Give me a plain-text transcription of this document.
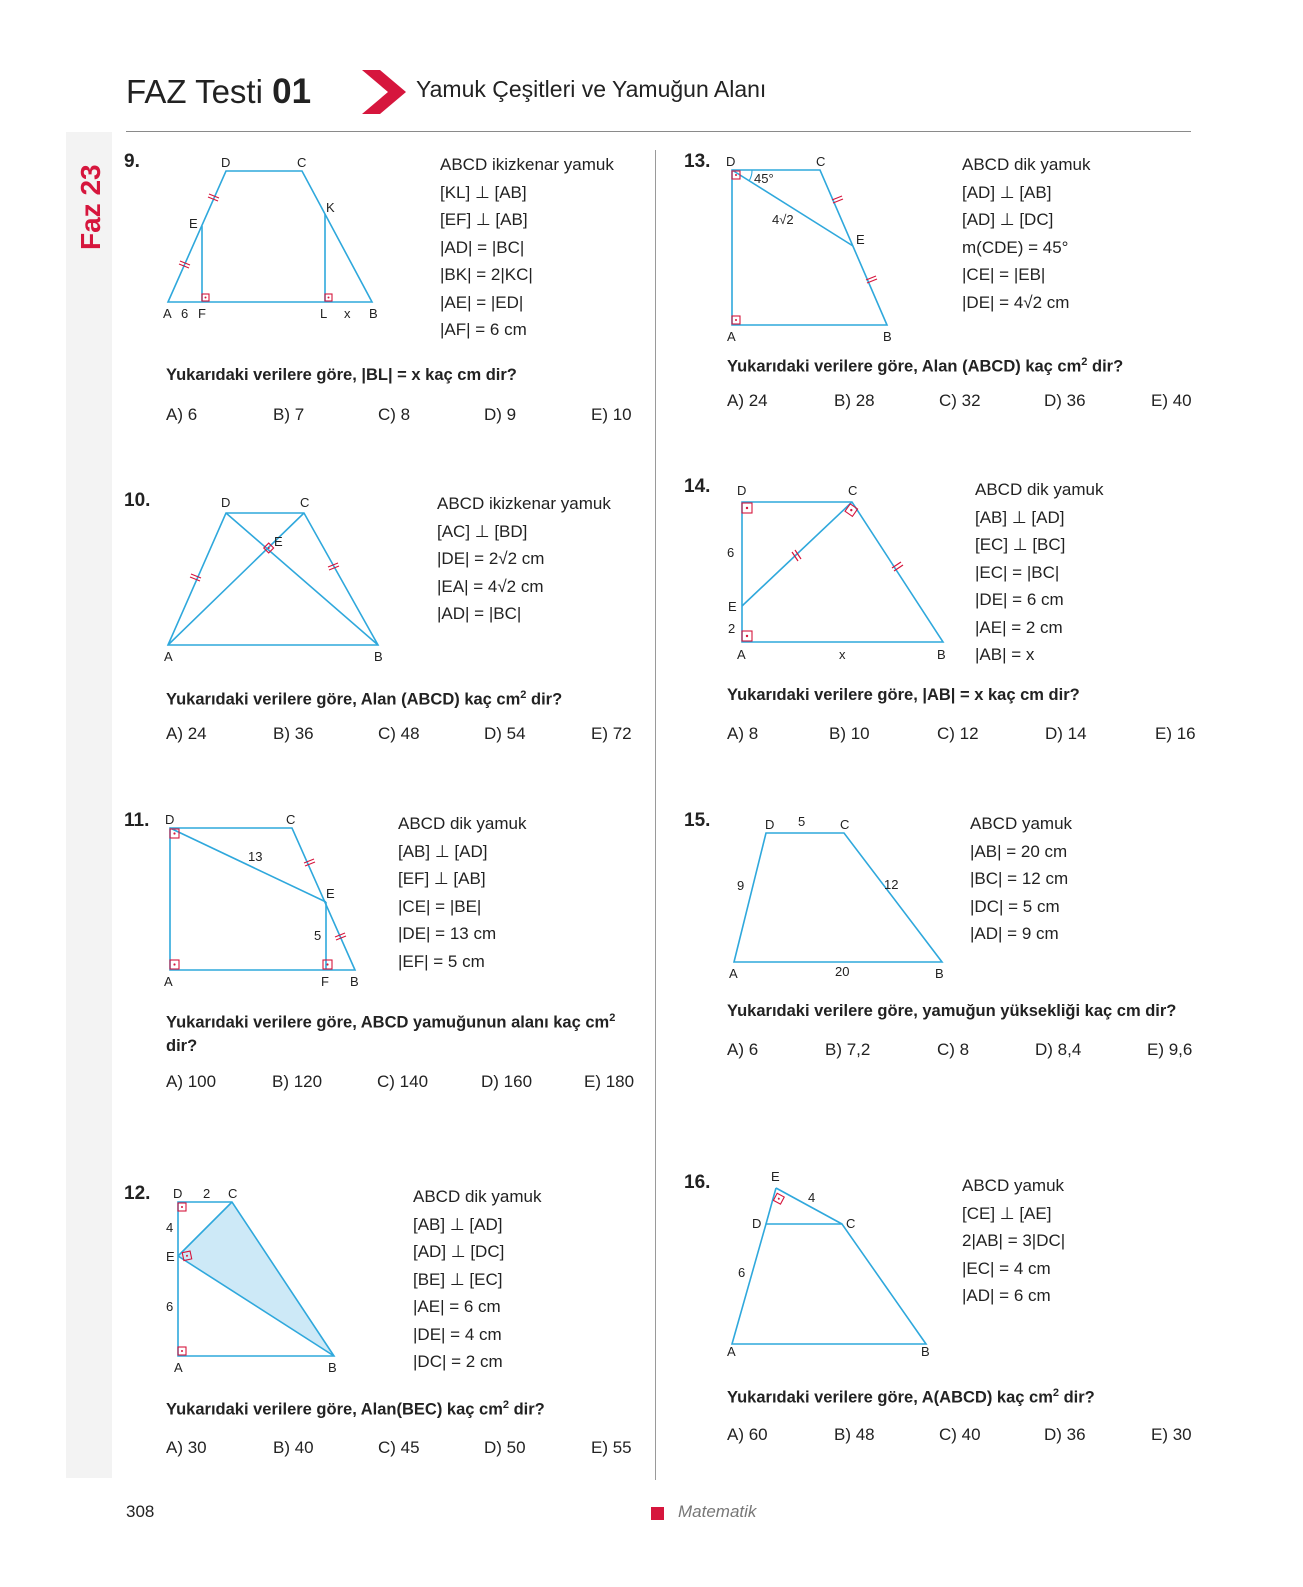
Faz 23
FAZ Testi 01	Yamuk Çeşitleri ve Yamuğun Alanı
9.	D	C
E
K
A 6 F	L x B
ABCD ikizkenar yamuk
[KL] ⊥ [AB]
[EF] ⊥ [AB]
|AD| = |BC|
|BK| = 2|KC|
|AE| = |ED|
|AF| = 6 cm
Yukarıdaki verilere göre, |BL| = x kaç cm dir?
A) 6	B) 7	C) 8	D) 9	E) 10
10.	D	C
E
A	B
ABCD ikizkenar yamuk
[AC] ⊥ [BD]
|DE| = 2√2 cm
|EA| = 4√2 cm
|AD| = |BC|
Yukarıdaki verilere göre, Alan (ABCD) kaç $cm^2$ dir?
A) 24	B) 36	C) 48	D) 54	E) 72
11. D	C
13
E
5
A	F B
ABCD dik yamuk
[AB] ⊥ [AD]
[EF] ⊥ [AB]
|CE| = |BE|
|DE| = 13 cm
|EF| = 5 cm
Yukarıdaki verilere göre, ABCD yamuğunun alanı kaç $cm^2$ dir?
A) 100	B) 120	C) 140	D) 160	E) 180
12. D 2 C
4
E
6
A	B
ABCD dik yamuk
[AB] ⊥ [AD]
[AD] ⊥ [DC]
[BE] ⊥ [EC]
|AE| = 6 cm
|DE| = 4 cm
|DC| = 2 cm
Yukarıdaki verilere göre, Alan(BEC) kaç $cm^2$ dir?
A) 30	B) 40	C) 45	D) 50	E) 55
13. D
45°
C
4√2
E
A	B
ABCD dik yamuk
[AD] ⊥ [AB]
[AD] ⊥ [DC]
m(CDE) = 45°
|CE| = |EB|
|DE| = 4√2 cm
Yukarıdaki verilere göre, Alan (ABCD) kaç $cm^2$ dir?
A) 24	B) 28	C) 32	D) 36	E) 40
14. D	C
6
E
2
A	x	B
ABCD dik yamuk
[AB] ⊥ [AD]
[EC] ⊥ [BC]
|EC| = |BC|
|DE| = 6 cm
|AE| = 2 cm
|AB| = x
Yukarıdaki verilere göre, |AB| = x kaç cm dir?
A) 8	B) 10	C) 12	D) 14	E) 16
15.	D 5	C
9	12
A	20	B
ABCD yamuk
|AB| = 20 cm
|BC| = 12 cm
|DC| = 5 cm
|AD| = 9 cm
Yukarıdaki verilere göre, yamuğun yüksekliği kaç cm dir?
A) 6	B) 7,2	C) 8	D) 8,4	E) 9,6
16.	E
4
D	C
6
A	B
ABCD yamuk
[CE] ⊥ [AE]
2|AB| = 3|DC|
|EC| = 4 cm
|AD| = 6 cm
Yukarıdaki verilere göre, A(ABCD) kaç $cm^2$ dir?
A) 60	B) 48	C) 40	D) 36	E) 30
308	Matematik
